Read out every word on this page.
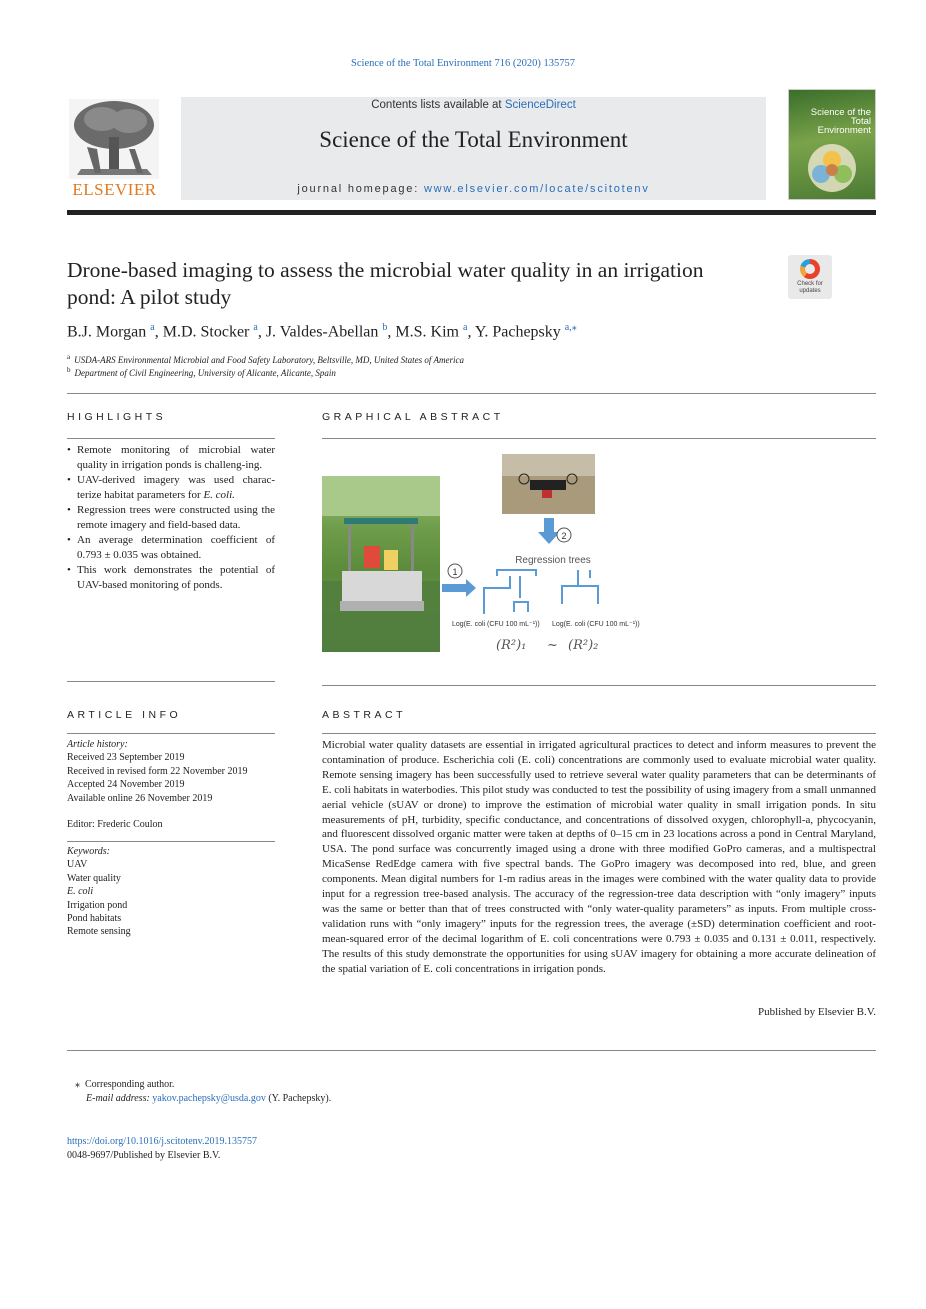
Science of the Total Environment 716 (2020) 135757
ELSEVIER
Contents lists available at ScienceDirect
Science of the Total Environment
journal homepage: www.elsevier.com/locate/scitotenv
Science of the
Total Environment
Drone-based imaging to assess the microbial water quality in an irrigation pond: A pilot study
Check for updates
B.J. Morgan $^a$, M.D. Stocker $^a$, J. Valdes-Abellan $^b$, M.S. Kim $^a$, Y. Pachepsky $^{a,⁎}$
$^a$ USDA-ARS Environmental Microbial and Food Safety Laboratory, Beltsville, MD, United States of America
$^b$ Department of Civil Engineering, University of Alicante, Alicante, Spain
HIGHLIGHTS
• Remote monitoring of microbial water quality in irrigation ponds is challeng-ing.
• UAV-derived imagery was used charac-terize habitat parameters for E. coli.
• Regression trees were constructed using the remote imagery and field-based data.
• An average determination coefficient of 0.793 ± 0.035 was obtained.
• This work demonstrates the potential of UAV-based monitoring of ponds.
GRAPHICAL ABSTRACT
2
Regression trees
1
Log(E. coli (CFU 100 mL⁻¹)) Log(E. coli (CFU 100 mL⁻¹))
(R²)₁ ~ (R²)₂
ARTICLE INFO
Article history:
Received 23 September 2019
Received in revised form 22 November 2019
Accepted 24 November 2019
Available online 26 November 2019
Editor: Frederic Coulon
Keywords:
UAV
Water quality
E. coli
Irrigation pond
Pond habitats
Remote sensing
ABSTRACT
Microbial water quality datasets are essential in irrigated agricultural practices to detect and inform measures to prevent the contamination of produce. Escherichia coli (E. coli) concentrations are commonly used to evaluate microbial water quality. Remote sensing imagery has been successfully used to retrieve several water quality parameters that can be determinants of E. coli habitats in waterbodies. This pilot study was conducted to test the possibility of using imagery from a small unmanned aerial vehicle (sUAV or drone) to improve the estimation of microbial water quality in small irrigation ponds. In situ measurements of pH, turbidity, specific conductance, and concentrations of dissolved oxygen, chlorophyll-a, phycocyanin, and fluorescent dissolved organic matter were taken at depths of 0–15 cm in 23 locations across a pond in Central Maryland, USA. The pond surface was concurrently imaged using a drone with three modified GoPro cameras, and a multispectral MicaSense RedEdge camera with five spectral bands. The GoPro imagery was decomposed into red, blue, and green components. Mean digital numbers for 1-m radius areas in the images were combined with the water quality data to provide input for a regression tree-based analysis. The accuracy of the regression-tree data description with “only imagery” inputs was the same or better than that of trees constructed with “only water-quality parameters” as inputs. From multiple cross-validation runs with “only imagery” inputs for the regression trees, the average (±SD) determination coefficient and root-mean-squared error of the decimal logarithm of E. coli concentrations were 0.793 ± 0.035 and 0.131 ± 0.011, respectively. The results of this study demonstrate the opportunities for using sUAV imagery for obtaining a more accurate delineation of the spatial variation of E. coli concentrations in irrigation ponds.
Published by Elsevier B.V.
⁎ Corresponding author.
E-mail address: yakov.pachepsky@usda.gov (Y. Pachepsky).
https://doi.org/10.1016/j.scitotenv.2019.135757
0048-9697/Published by Elsevier B.V.
